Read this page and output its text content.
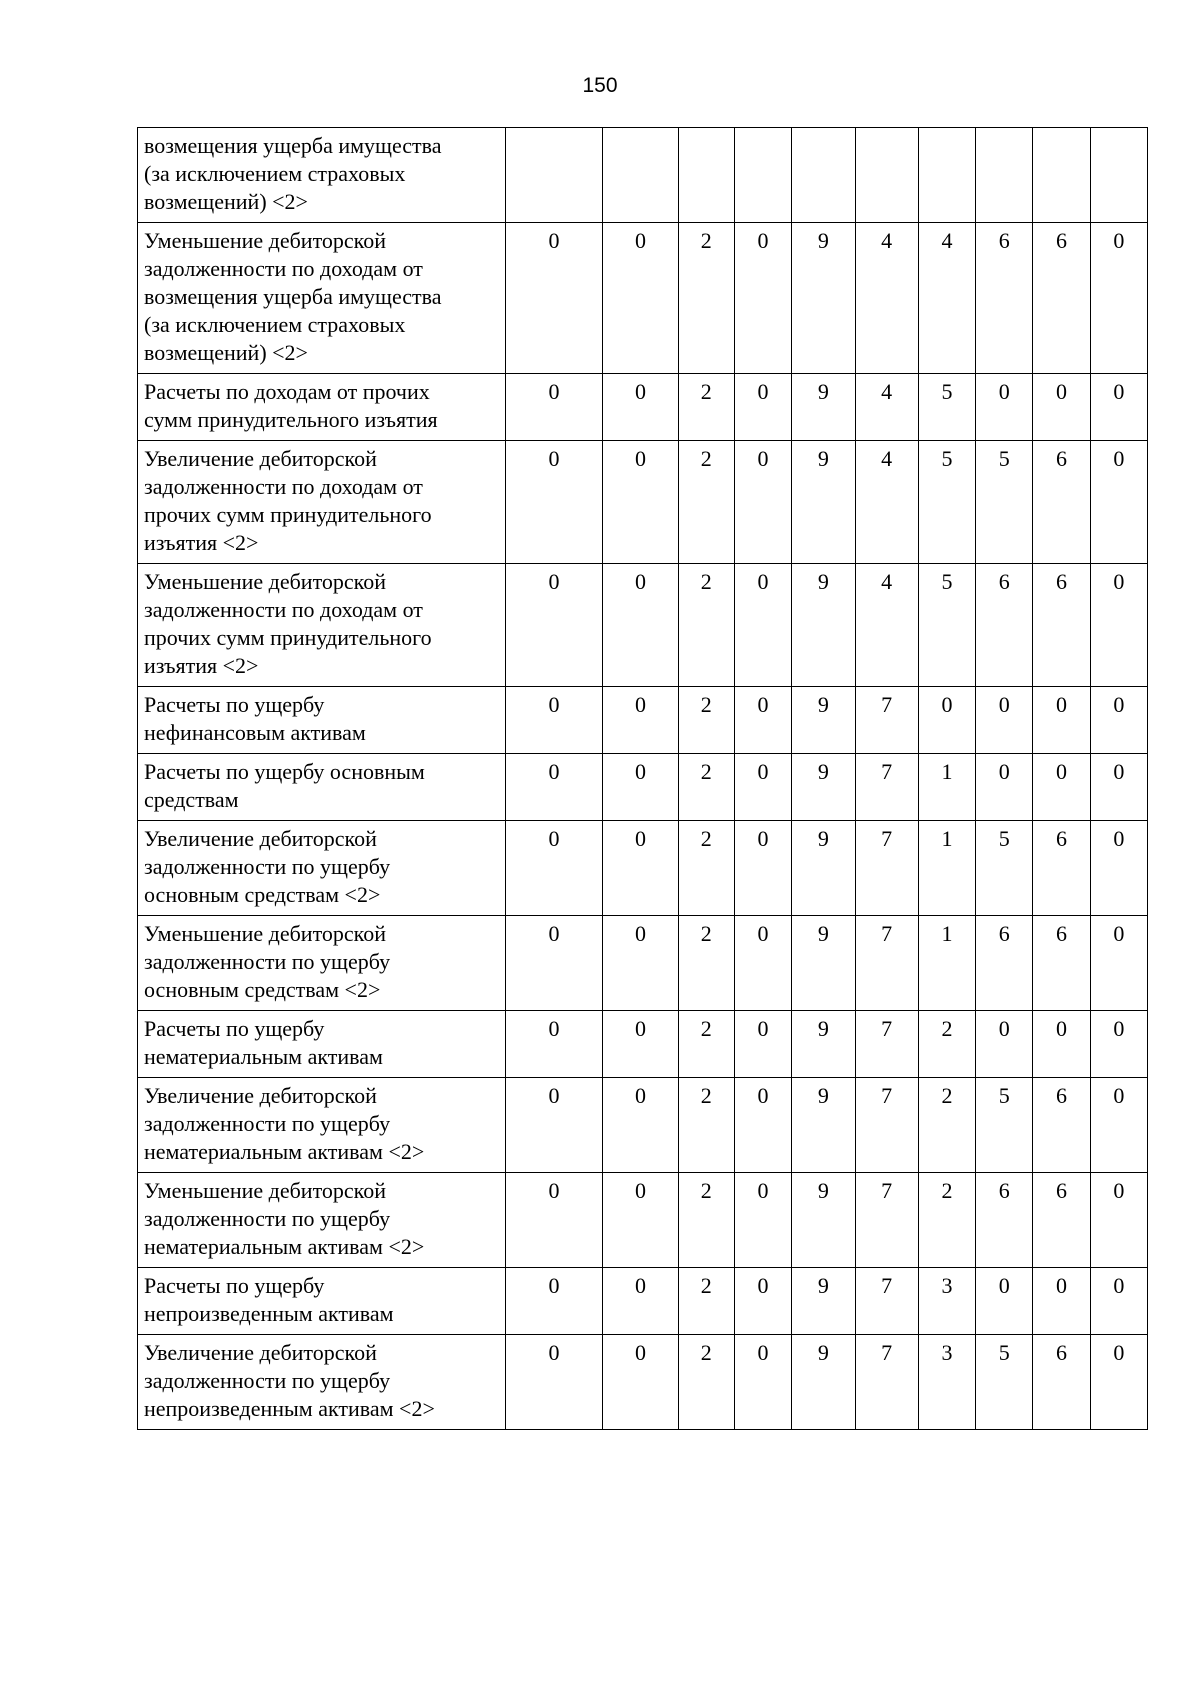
150
возмещения ущерба имущества
(за исключением страховых
возмещений) <2>										

Уменьшение дебиторской
задолженности по доходам от
возмещения ущерба имущества
(за исключением страховых
возмещений) <2>	0	0	2	0	9	4	4	6	6	0

Расчеты по доходам от прочих
сумм принудительного изъятия	0	0	2	0	9	4	5	0	0	0

Увеличение дебиторской
задолженности по доходам от
прочих сумм принудительного
изъятия <2>	0	0	2	0	9	4	5	5	6	0

Уменьшение дебиторской
задолженности по доходам от
прочих сумм принудительного
изъятия <2>	0	0	2	0	9	4	5	6	6	0

Расчеты по ущербу
нефинансовым активам	0	0	2	0	9	7	0	0	0	0

Расчеты по ущербу основным
средствам	0	0	2	0	9	7	1	0	0	0

Увеличение дебиторской
задолженности по ущербу
основным средствам <2>	0	0	2	0	9	7	1	5	6	0

Уменьшение дебиторской
задолженности по ущербу
основным средствам <2>	0	0	2	0	9	7	1	6	6	0

Расчеты по ущербу
нематериальным активам	0	0	2	0	9	7	2	0	0	0

Увеличение дебиторской
задолженности по ущербу
нематериальным активам <2>	0	0	2	0	9	7	2	5	6	0

Уменьшение дебиторской
задолженности по ущербу
нематериальным активам <2>	0	0	2	0	9	7	2	6	6	0

Расчеты по ущербу
непроизведенным активам	0	0	2	0	9	7	3	0	0	0

Увеличение дебиторской
задолженности по ущербу
непроизведенным активам <2>	0	0	2	0	9	7	3	5	6	0
